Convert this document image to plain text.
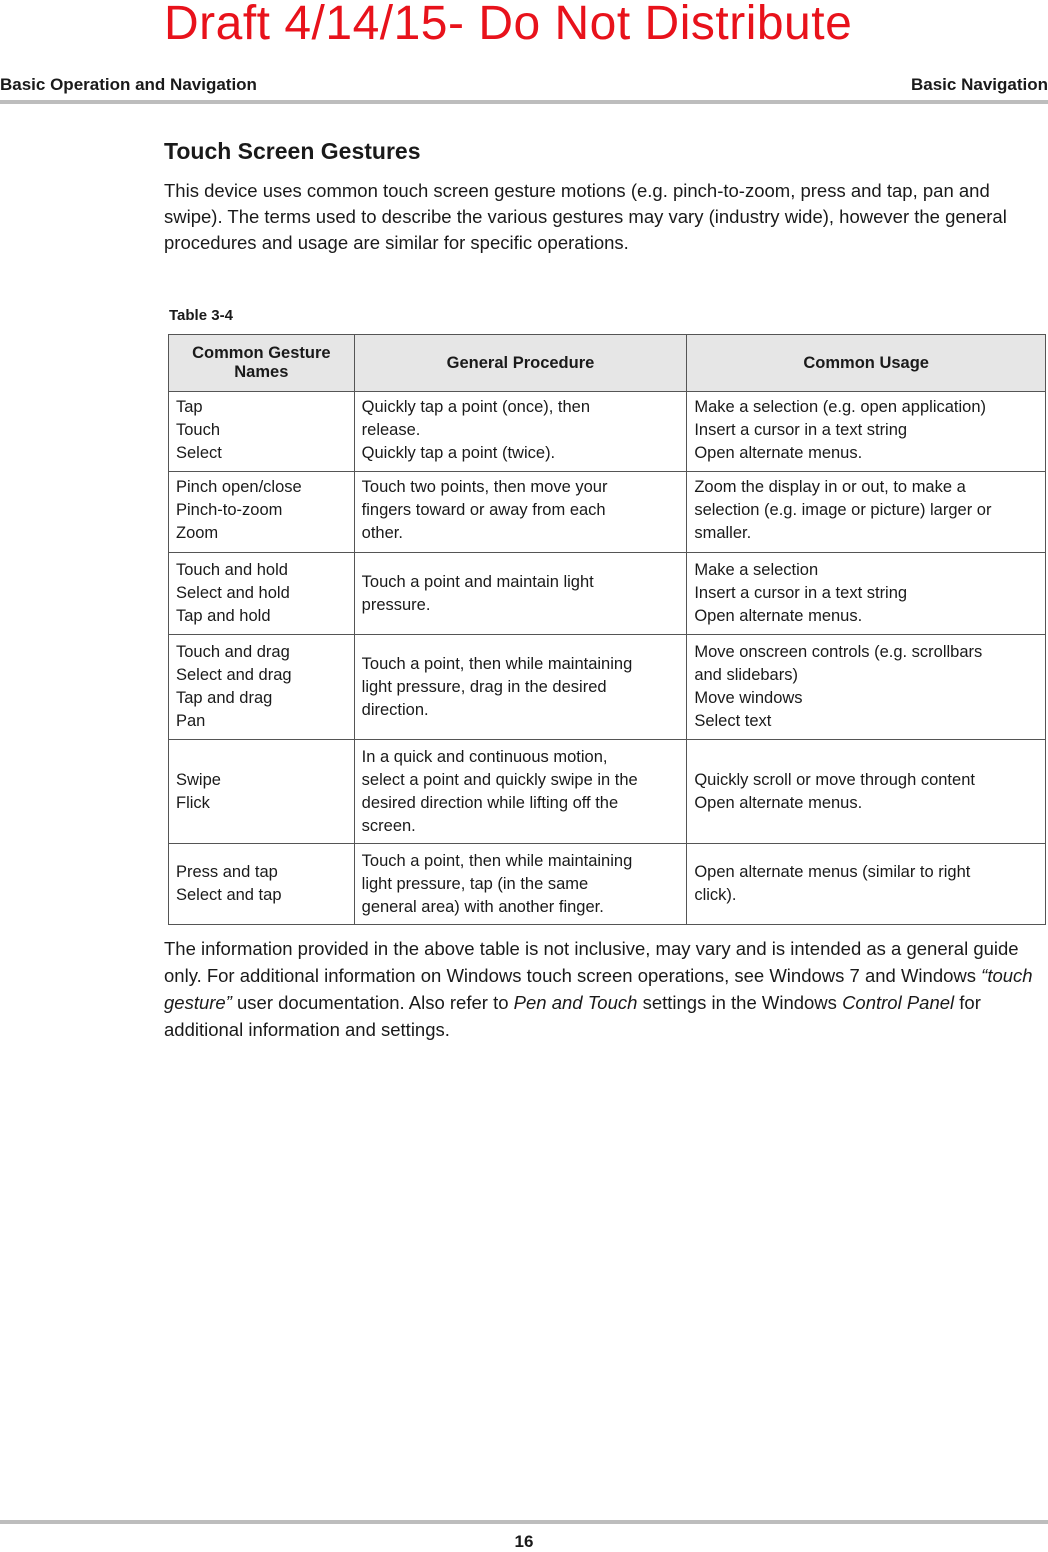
Draft 4/14/15- Do Not Distribute
Basic Operation and Navigation	Basic Navigation
Touch Screen Gestures

This device uses common touch screen gesture motions (e.g. pinch-to-zoom, press and tap, pan and swipe). The terms used to describe the various gestures may vary (industry wide), however the general procedures and usage are similar for specific operations.

Table 3-4
Common Gesture Names	General Procedure	Common Usage

Tap
Touch
Select	Quickly tap a point (once), then
release.
Quickly tap a point (twice).	Make a selection (e.g. open application)
Insert a cursor in a text string
Open alternate menus.

Pinch open/close
Pinch-to-zoom
Zoom	Touch two points, then move your
fingers toward or away from each
other.	Zoom the display in or out, to make a
selection (e.g. image or picture) larger or
smaller.

Touch and hold
Select and hold
Tap and hold	Touch a point and maintain light
pressure.	Make a selection
Insert a cursor in a text string
Open alternate menus.

Touch and drag
Select and drag
Tap and drag
Pan	Touch a point, then while maintaining
light pressure, drag in the desired
direction.	Move onscreen controls (e.g. scrollbars
and slidebars)
Move windows
Select text

Swipe
Flick	In a quick and continuous motion,
select a point and quickly swipe in the
desired direction while lifting off the
screen.	Quickly scroll or move through content
Open alternate menus.

Press and tap
Select and tap	Touch a point, then while maintaining
light pressure, tap (in the same
general area) with another finger.	Open alternate menus (similar to right
click).

The information provided in the above table is not inclusive, may vary and is intended as a general guide only. For additional information on Windows touch screen operations, see Windows 7 and Windows “touch gesture” user documentation. Also refer to Pen and Touch settings in the Windows Control Panel for additional information and settings.

16
